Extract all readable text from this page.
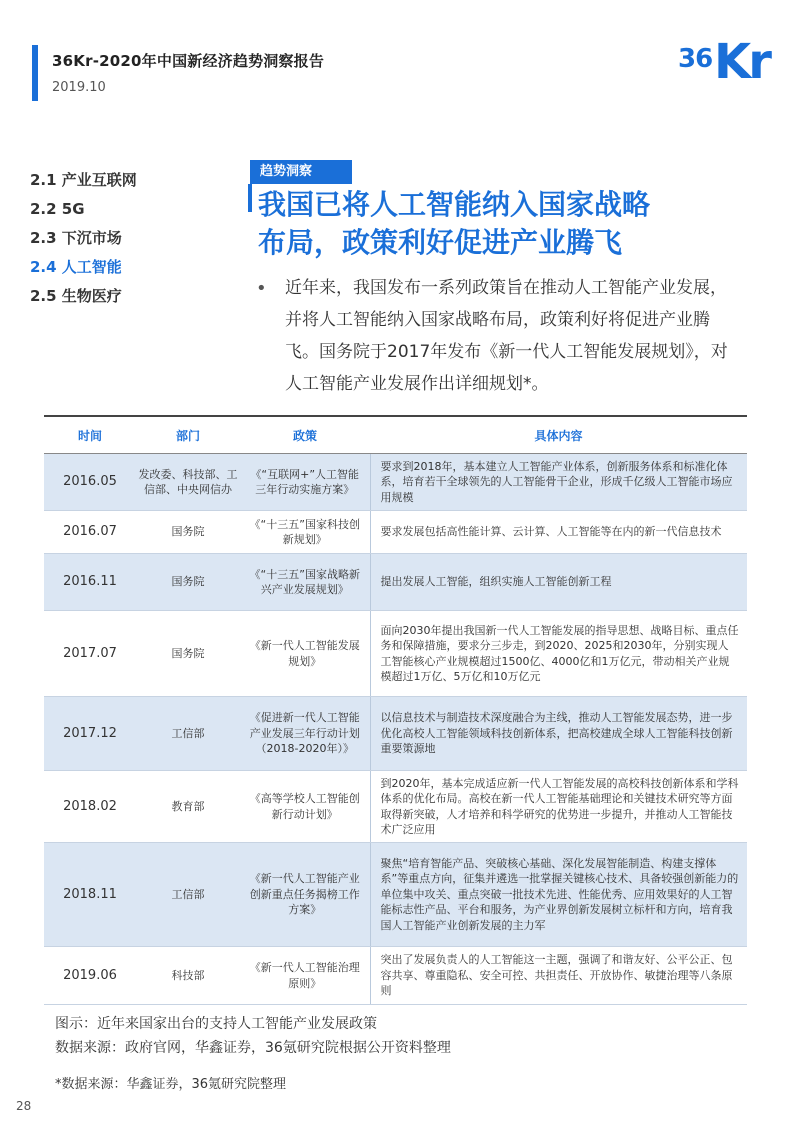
36Kr-2020年中国新经济趋势洞察报告
2019.10
36 Kr
2.1 产业互联网
2.2 5G
2.3 下沉市场
2.4 人工智能
2.5 生物医疗
趋势洞察
我国已将人工智能纳入国家战略
布局，政策利好促进产业腾飞
• 近年来，我国发布一系列政策旨在推动人工智能产业发展，并将人工智能纳入国家战略布局，政策利好将促进产业腾飞。国务院于2017年发布《新一代人工智能发展规划》，对人工智能产业发展作出详细规划*。
时间	部门	政策	具体内容
2016.05	发改委、科技部、工信部、中央网信办	《“互联网+”人工智能三年行动实施方案》	要求到2018年，基本建立人工智能产业体系，创新服务体系和标准化体系，培育若干全球领先的人工智能骨干企业，形成千亿级人工智能市场应用规模
2016.07	国务院	《“十三五”国家科技创新规划》	要求发展包括高性能计算、云计算、人工智能等在内的新一代信息技术
2016.11	国务院	《“十三五”国家战略新兴产业发展规划》	提出发展人工智能，组织实施人工智能创新工程
2017.07	国务院	《新一代人工智能发展规划》	面向2030年提出我国新一代人工智能发展的指导思想、战略目标、重点任务和保障措施，要求分三步走，到2020、2025和2030年，分别实现人工智能核心产业规模超过1500亿、4000亿和1万亿元，带动相关产业规模超过1万亿、5万亿和10万亿元
2017.12	工信部	《促进新一代人工智能产业发展三年行动计划（2018-2020年）》	以信息技术与制造技术深度融合为主线，推动人工智能发展态势，进一步优化高校人工智能领域科技创新体系，把高校建成全球人工智能科技创新重要策源地
2018.02	教育部	《高等学校人工智能创新行动计划》	到2020年，基本完成适应新一代人工智能发展的高校科技创新体系和学科体系的优化布局。高校在新一代人工智能基础理论和关键技术研究等方面取得新突破，人才培养和科学研究的优势进一步提升，并推动人工智能技术广泛应用
2018.11	工信部	《新一代人工智能产业创新重点任务揭榜工作方案》	聚焦“培育智能产品、突破核心基础、深化发展智能制造、构建支撑体系”等重点方向，征集并遴选一批掌握关键核心技术、具备较强创新能力的单位集中攻关、重点突破一批技术先进、性能优秀、应用效果好的人工智能标志性产品、平台和服务，为产业界创新发展树立标杆和方向，培育我国人工智能产业创新发展的主力军
2019.06	科技部	《新一代人工智能治理原则》	突出了发展负责人的人工智能这一主题，强调了和谐友好、公平公正、包容共享、尊重隐私、安全可控、共担责任、开放协作、敏捷治理等八条原则
图示：近年来国家出台的支持人工智能产业发展政策
数据来源：政府官网，华鑫证券，36氪研究院根据公开资料整理
*数据来源：华鑫证券，36氪研究院整理
28
